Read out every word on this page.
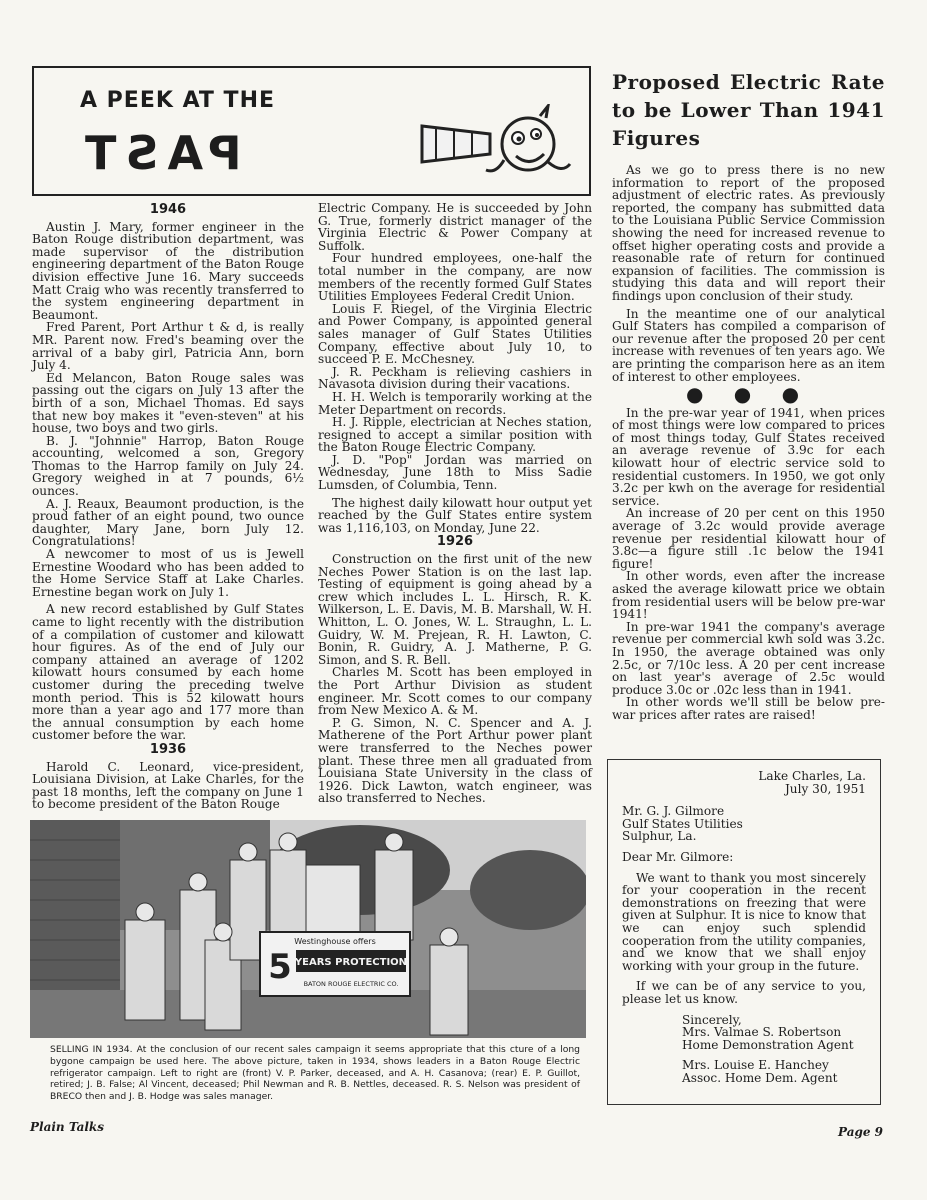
A PEEK AT THE
PAST
1946

Austin J. Mary, former engineer in the Baton Rouge distribution department, was made supervisor of the distribution engineering department of the Baton Rouge division effective June 16. Mary succeeds Matt Craig who was recently transferred to the system engineering department in Beaumont.

Fred Parent, Port Arthur t & d, is really MR. Parent now. Fred's beaming over the arrival of a baby girl, Patricia Ann, born July 4.

Ed Melancon, Baton Rouge sales was passing out the cigars on July 13 after the birth of a son, Michael Thomas. Ed says that new boy makes it "even-steven" at his house, two boys and two girls.

B. J. "Johnnie" Harrop, Baton Rouge accounting, welcomed a son, Gregory Thomas to the Harrop family on July 24. Gregory weighed in at 7 pounds, 6½ ounces.

A. J. Reaux, Beaumont production, is the proud father of an eight pound, two ounce daughter, Mary Jane, born July 12. Congratulations!

A newcomer to most of us is Jewell Ernestine Woodard who has been added to the Home Service Staff at Lake Charles. Ernestine began work on July 1.

A new record established by Gulf States came to light recently with the distribution of a compilation of customer and kilowatt hour figures. As of the end of July our company attained an average of 1202 kilowatt hours consumed by each home customer during the preceding twelve month period. This is 52 kilowatt hours more than a year ago and 177 more than the annual consumption by each home customer before the war.

1936

Harold C. Leonard, vice-president, Louisiana Division, at Lake Charles, for the past 18 months, left the company on June 1 to become president of the Baton Rouge

Electric Company. He is succeeded by John G. True, formerly district manager of the Virginia Electric & Power Company at Suffolk.

Four hundred employees, one-half the total number in the company, are now members of the recently formed Gulf States Utilities Employees Federal Credit Union.

Louis F. Riegel, of the Virginia Electric and Power Company, is appointed general sales manager of Gulf States Utilities Company, effective about July 10, to succeed P. E. McChesney.

J. R. Peckham is relieving cashiers in Navasota division during their vacations.

H. H. Welch is temporarily working at the Meter Department on records.

H. J. Ripple, electrician at Neches station, resigned to accept a similar position with the Baton Rouge Electric Company.

J. D. "Pop" Jordan was married on Wednesday, June 18th to Miss Sadie Lumsden, of Columbia, Tenn.

The highest daily kilowatt hour output yet reached by the Gulf States entire system was 1,116,103, on Monday, June 22.

1926

Construction on the first unit of the new Neches Power Station is on the last lap. Testing of equipment is going ahead by a crew which includes L. L. Hirsch, R. K. Wilkerson, L. E. Davis, M. B. Marshall, W. H. Whitton, L. O. Jones, W. L. Straughn, L. L. Guidry, W. M. Prejean, R. H. Lawton, C. Bonin, R. Guidry, A. J. Matherne, P. G. Simon, and S. R. Bell.

Charles M. Scott has been employed in the Port Arthur Division as student engineer. Mr. Scott comes to our company from New Mexico A. & M.

P. G. Simon, N. C. Spencer and A. J. Matherene of the Port Arthur power plant were transferred to the Neches power plant. These three men all graduated from Louisiana State University in the class of 1926. Dick Lawton, watch engineer, was also transferred to Neches.

Proposed Electric Rate to be Lower Than 1941 Figures

As we go to press there is no new information to report of the proposed adjustment of electric rates. As previously reported, the company has submitted data to the Louisiana Public Service Commission showing the need for increased revenue to offset higher operating costs and provide a reasonable rate of return for continued expansion of facilities. The commission is studying this data and will report their findings upon conclusion of their study.

In the meantime one of our analytical Gulf Staters has compiled a comparison of our revenue after the proposed 20 per cent increase with revenues of ten years ago. We are printing the comparison here as an item of interest to other employees.

● ● ●

In the pre-war year of 1941, when prices of most things were low compared to prices of most things today, Gulf States received an average revenue of 3.9c for each kilowatt hour of electric service sold to residential customers. In 1950, we got only 3.2c per kwh on the average for residential service.

An increase of 20 per cent on this 1950 average of 3.2c would provide average revenue per residential kilowatt hour of 3.8c—a figure still .1c below the 1941 figure!

In other words, even after the increase asked the average kilowatt price we obtain from residential users will be below pre-war 1941!

In pre-war 1941 the company's average revenue per commercial kwh sold was 3.2c. In 1950, the average obtained was only 2.5c, or 7/10c less. A 20 per cent increase on last year's average of 2.5c would produce 3.0c or .02c less than in 1941.

In other words we'll still be below pre-war prices after rates are raised!

Lake Charles, La.

July 30, 1951

Mr. G. J. Gilmore

Gulf States Utilities

Sulphur, La.

Dear Mr. Gilmore:

We want to thank you most sincerely for your cooperation in the recent demonstrations on freezing that were given at Sulphur. It is nice to know that we can enjoy such splendid cooperation from the utility companies, and we know that we shall enjoy working with your group in the future.

If we can be of any service to you, please let us know.

Sincerely,

Mrs. Valmae S. Robertson

Home Demonstration Agent

Mrs. Louise E. Hanchey

Assoc. Home Dem. Agent

Westinghouse offers
5 YEARS PROTECTION
BATON ROUGE ELECTRIC CO.
SELLING IN 1934. At the conclusion of our recent sales campaign it seems appropriate that this cture of a long bygone campaign be used here. The above picture, taken in 1934, shows leaders in a Baton Rouge Electric refrigerator campaign. Left to right are (front) V. P. Parker, deceased, and A. H. Casanova; (rear) E. P. Guillot, retired; J. B. False; Al Vincent, deceased; Phil Newman and R. B. Nettles, deceased. R. S. Nelson was president of BRECO then and J. B. Hodge was sales manager.
Plain Talks	Page 9
